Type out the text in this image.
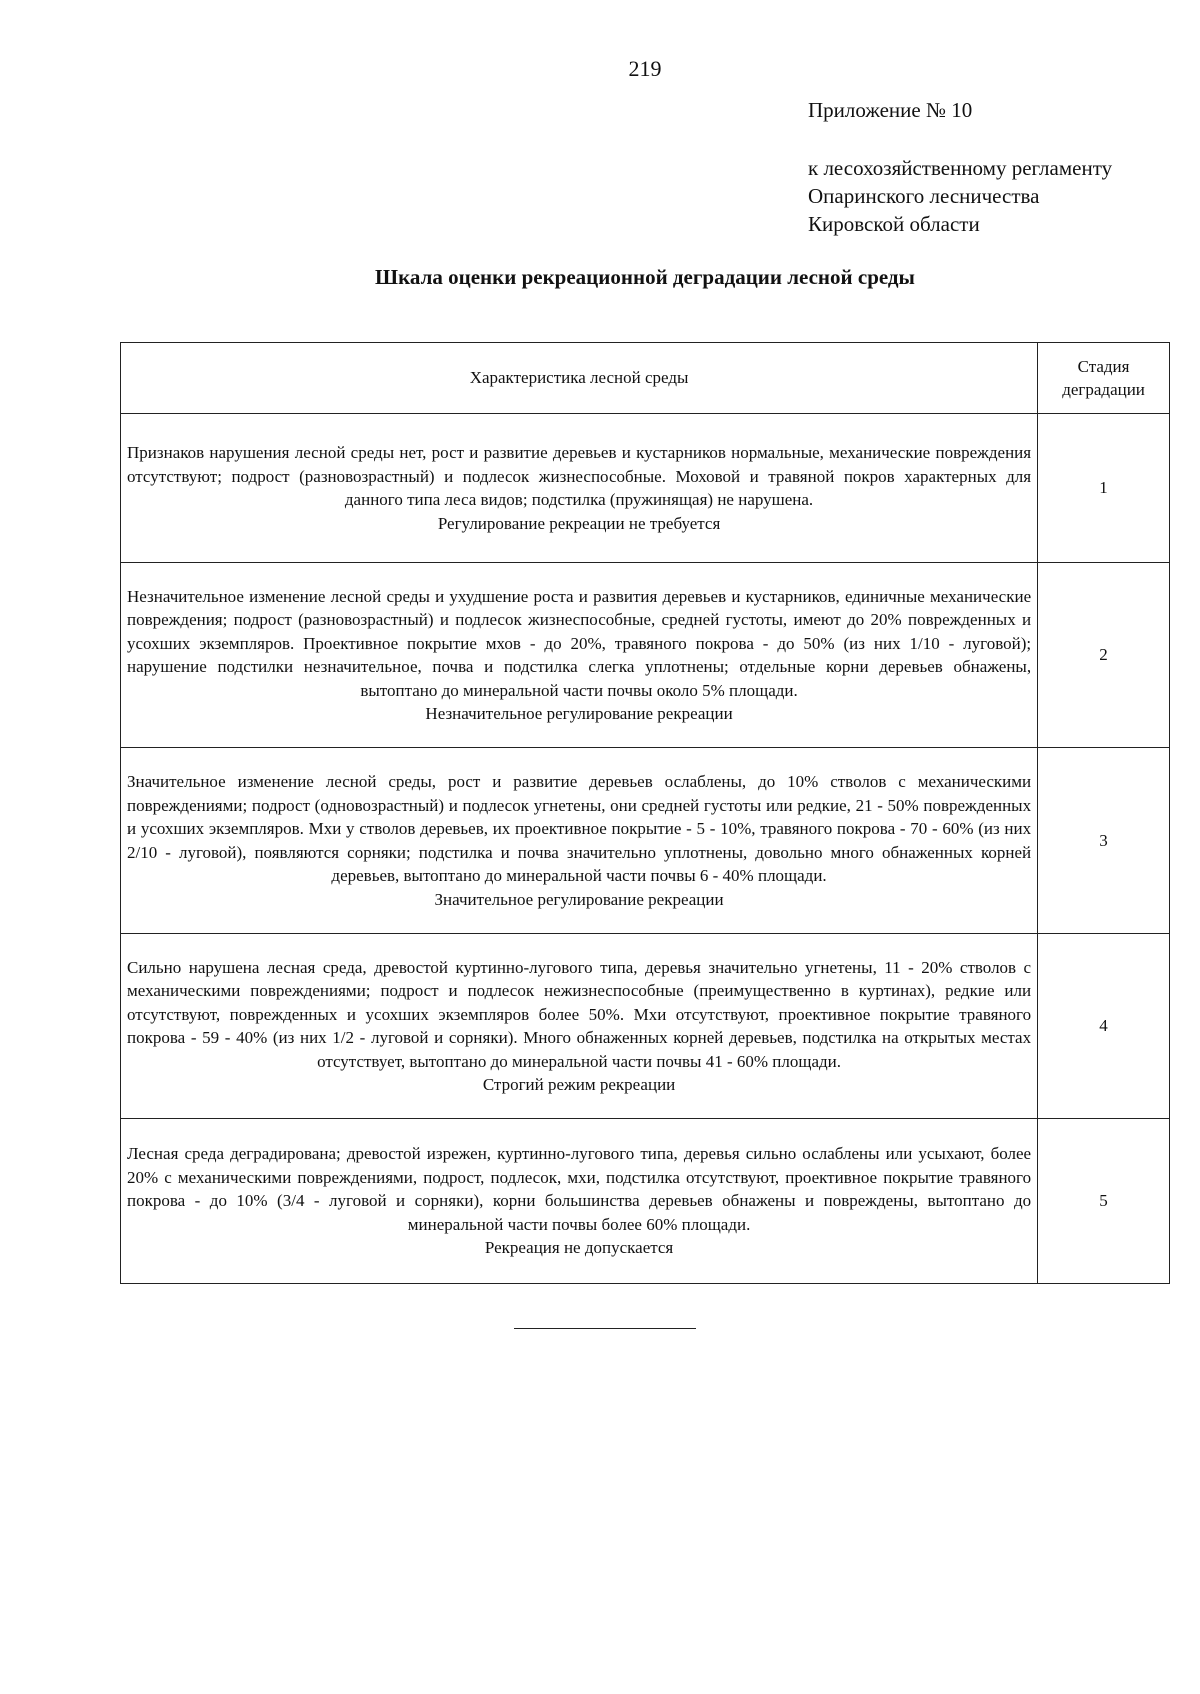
219
Приложение № 10
к лесохозяйственному регламенту
Опаринского лесничества
Кировской области
Шкала оценки рекреационной деградации лесной среды
Характеристика лесной среды	Стадия деградации

Признаков нарушения лесной среды нет, рост и развитие деревьев и кустарников нормальные, механические повреждения отсутствуют; подрост (разновозрастный) и подлесок жизнеспособные. Моховой и травяной покров характерных для данного типа леса видов; подстилка (пружинящая) не нарушена.
Регулирование рекреации не требуется	1

Незначительное изменение лесной среды и ухудшение роста и развития деревьев и кустарников, единичные механические повреждения; подрост (разновозрастный) и подлесок жизнеспособные, средней густоты, имеют до 20% поврежденных и усохших экземпляров. Проективное покрытие мхов - до 20%, травяного покрова - до 50% (из них 1/10 - луговой); нарушение подстилки незначительное, почва и подстилка слегка уплотнены; отдельные корни деревьев обнажены, вытоптано до минеральной части почвы около 5% площади.
Незначительное регулирование рекреации	2

Значительное изменение лесной среды, рост и развитие деревьев ослаблены, до 10% стволов с механическими повреждениями; подрост (одновозрастный) и подлесок угнетены, они средней густоты или редкие, 21 - 50% поврежденных и усохших экземпляров. Мхи у стволов деревьев, их проективное покрытие - 5 - 10%, травяного покрова - 70 - 60% (из них 2/10 - луговой), появляются сорняки; подстилка и почва значительно уплотнены, довольно много обнаженных корней деревьев, вытоптано до минеральной части почвы 6 - 40% площади.
Значительное регулирование рекреации	3

Сильно нарушена лесная среда, древостой куртинно-лугового типа, деревья значительно угнетены, 11 - 20% стволов с механическими повреждениями; подрост и подлесок нежизнеспособные (преимущественно в куртинах), редкие или отсутствуют, поврежденных и усохших экземпляров более 50%. Мхи отсутствуют, проективное покрытие травяного покрова - 59 - 40% (из них 1/2 - луговой и сорняки). Много обнаженных корней деревьев, подстилка на открытых местах отсутствует, вытоптано до минеральной части почвы 41 - 60% площади.
Строгий режим рекреации	4

Лесная среда деградирована; древостой изрежен, куртинно-лугового типа, деревья сильно ослаблены или усыхают, более 20% с механическими повреждениями, подрост, подлесок, мхи, подстилка отсутствуют, проективное покрытие травяного покрова - до 10% (3/4 - луговой и сорняки), корни большинства деревьев обнажены и повреждены, вытоптано до минеральной части почвы более 60% площади.
Рекреация не допускается	5
